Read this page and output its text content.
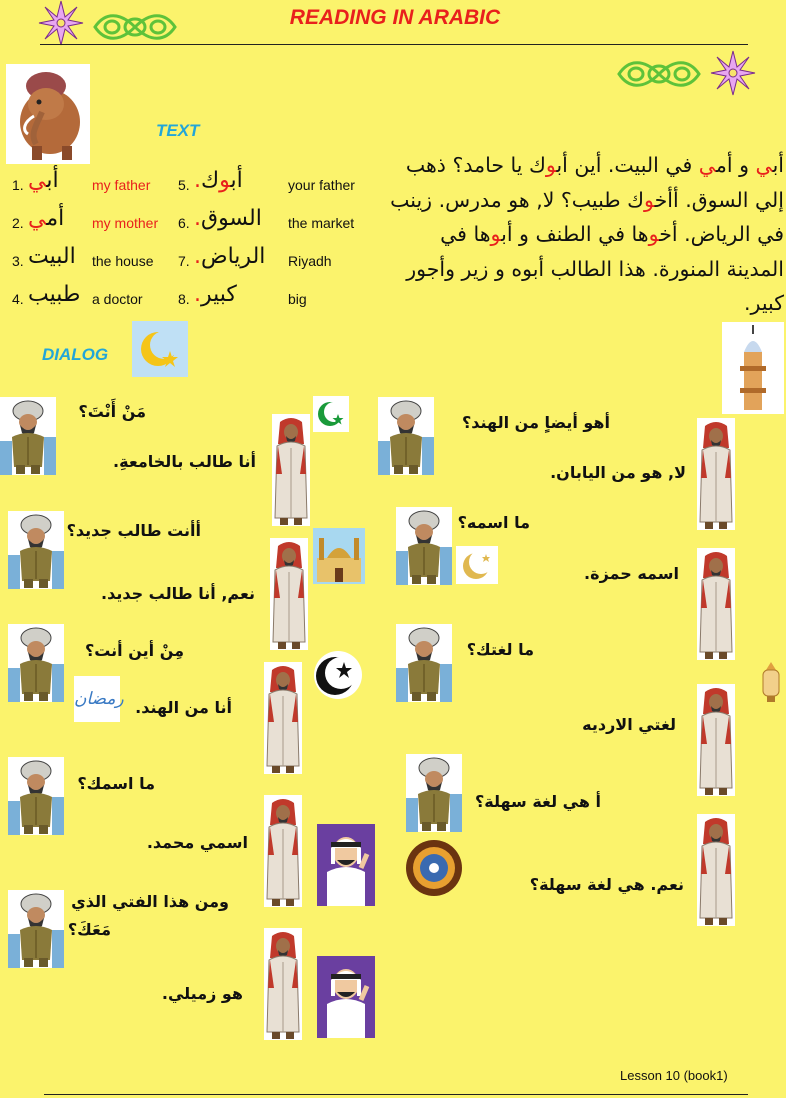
READING IN ARABIC
TEXT
1.	أبي	my father 5.	أبوك.	your father
2.	أمي	my mother 6. السوق.	the market
3. البيت the house 7. الرياض.	Riyadh
4. طبيب a doctor	8. كبير.	big
أبي و أمي في البيت. أين أبوك يا حامد؟ ذهب إلي السوق. أأخوك طبيب؟ لا, هو مدرس. زينب في الرياض. أخوها في الطنف و أبوها في المدينة المنورة. هذا الطالب أبوه و زير وأجور كبير.
DIALOG
رمضان
مَنْ أَنْتَ؟
أنا طالب بالخامعةِ.
أأنت طالب جديد؟
نعم, أنا طالب جديد.
مِنْ أين أنت؟
أنا من الهند.
ما اسمك؟
اسمي محمد.
ومن هذا الفتي الذي
مَعَكَ؟
هو زميلي.
أهو أيضاٍ من الهند؟
لا, هو من اليابان.
ما اسمه؟
اسمه حمزة.
ما لغتك؟
لغتي الارديه
أ هي لغة سهلة؟
نعم. هي لغة سهلة؟
Lesson 10 (book1)
